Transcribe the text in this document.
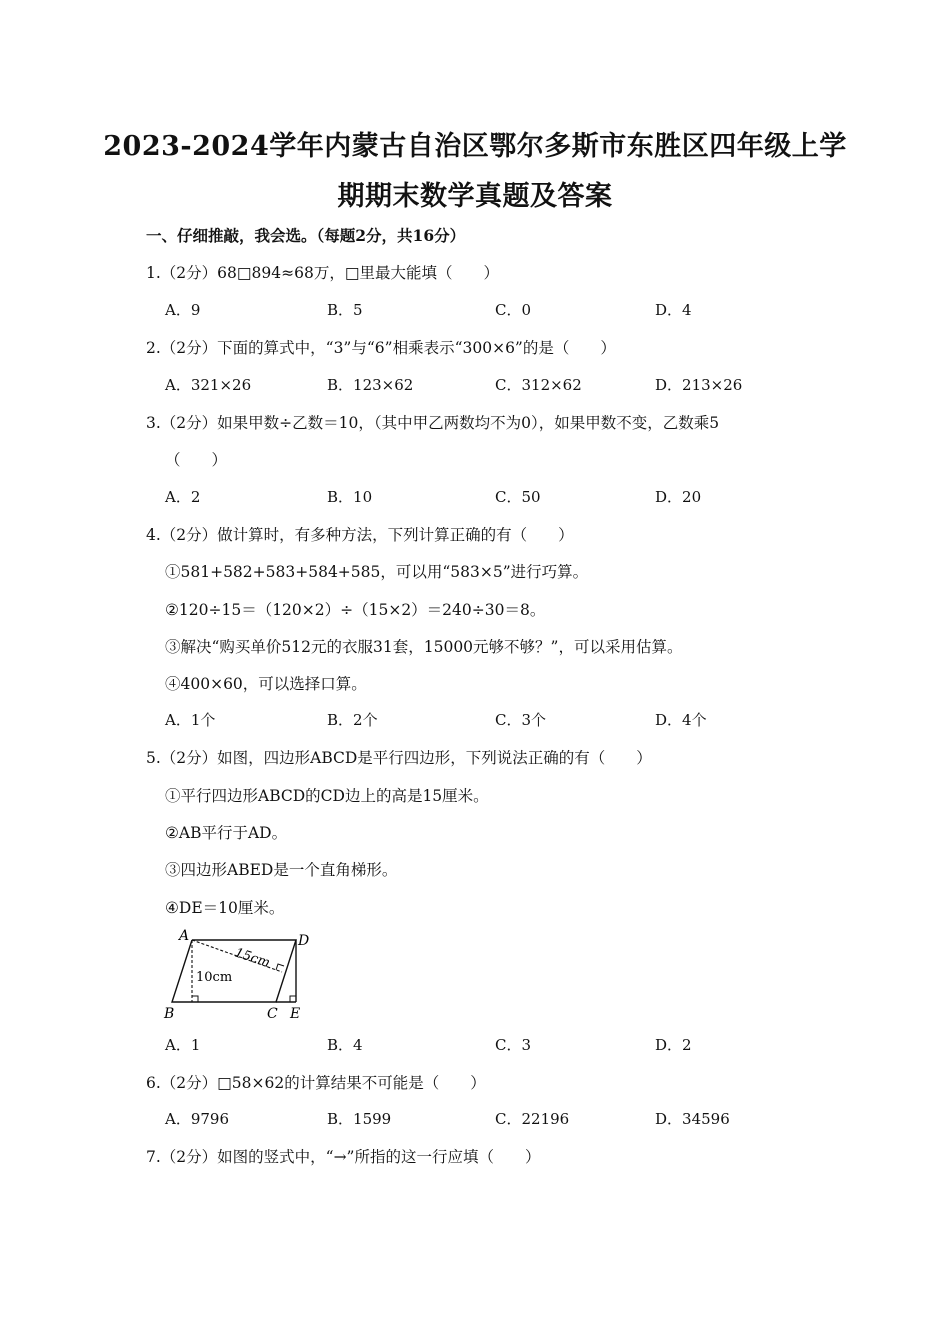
2023-2024学年内蒙古自治区鄂尔多斯市东胜区四年级上学
期期末数学真题及答案
一、仔细推敲，我会选。（每题2分，共16分）
1.（2分）68□894≈68万，□里最大能填（　　）
A．9	B．5	C．0	D．4
2.（2分）下面的算式中，“3”与“6”相乘表示“300×6”的是（　　）
A．321×26	B．123×62	C．312×62	D．213×26
3.（2分）如果甲数÷乙数＝10，（其中甲乙两数均不为0），如果甲数不变，乙数乘5
（　　）
A．2	B．10	C．50	D．20
4.（2分）做计算时，有多种方法，下列计算正确的有（　　）
①581+582+583+584+585，可以用“583×5”进行巧算。
②120÷15＝（120×2）÷（15×2）＝240÷30＝8。
③解决“购买单价512元的衣服31套，15000元够不够？”，可以采用估算。
④400×60，可以选择口算。
A．1个	B．2个	C．3个	D．4个
5.（2分）如图，四边形ABCD是平行四边形，下列说法正确的有（　　）
①平行四边形ABCD的CD边上的高是15厘米。
②AB平行于AD。
③四边形ABED是一个直角梯形。
④DE＝10厘米。
A	D
B	C E
15cm
10cm
A．1	B．4	C．3	D．2
6.（2分）□58×62的计算结果不可能是（　　）
A．9796	B．1599	C．22196	D．34596
7.（2分）如图的竖式中，“→”所指的这一行应填（　　）
